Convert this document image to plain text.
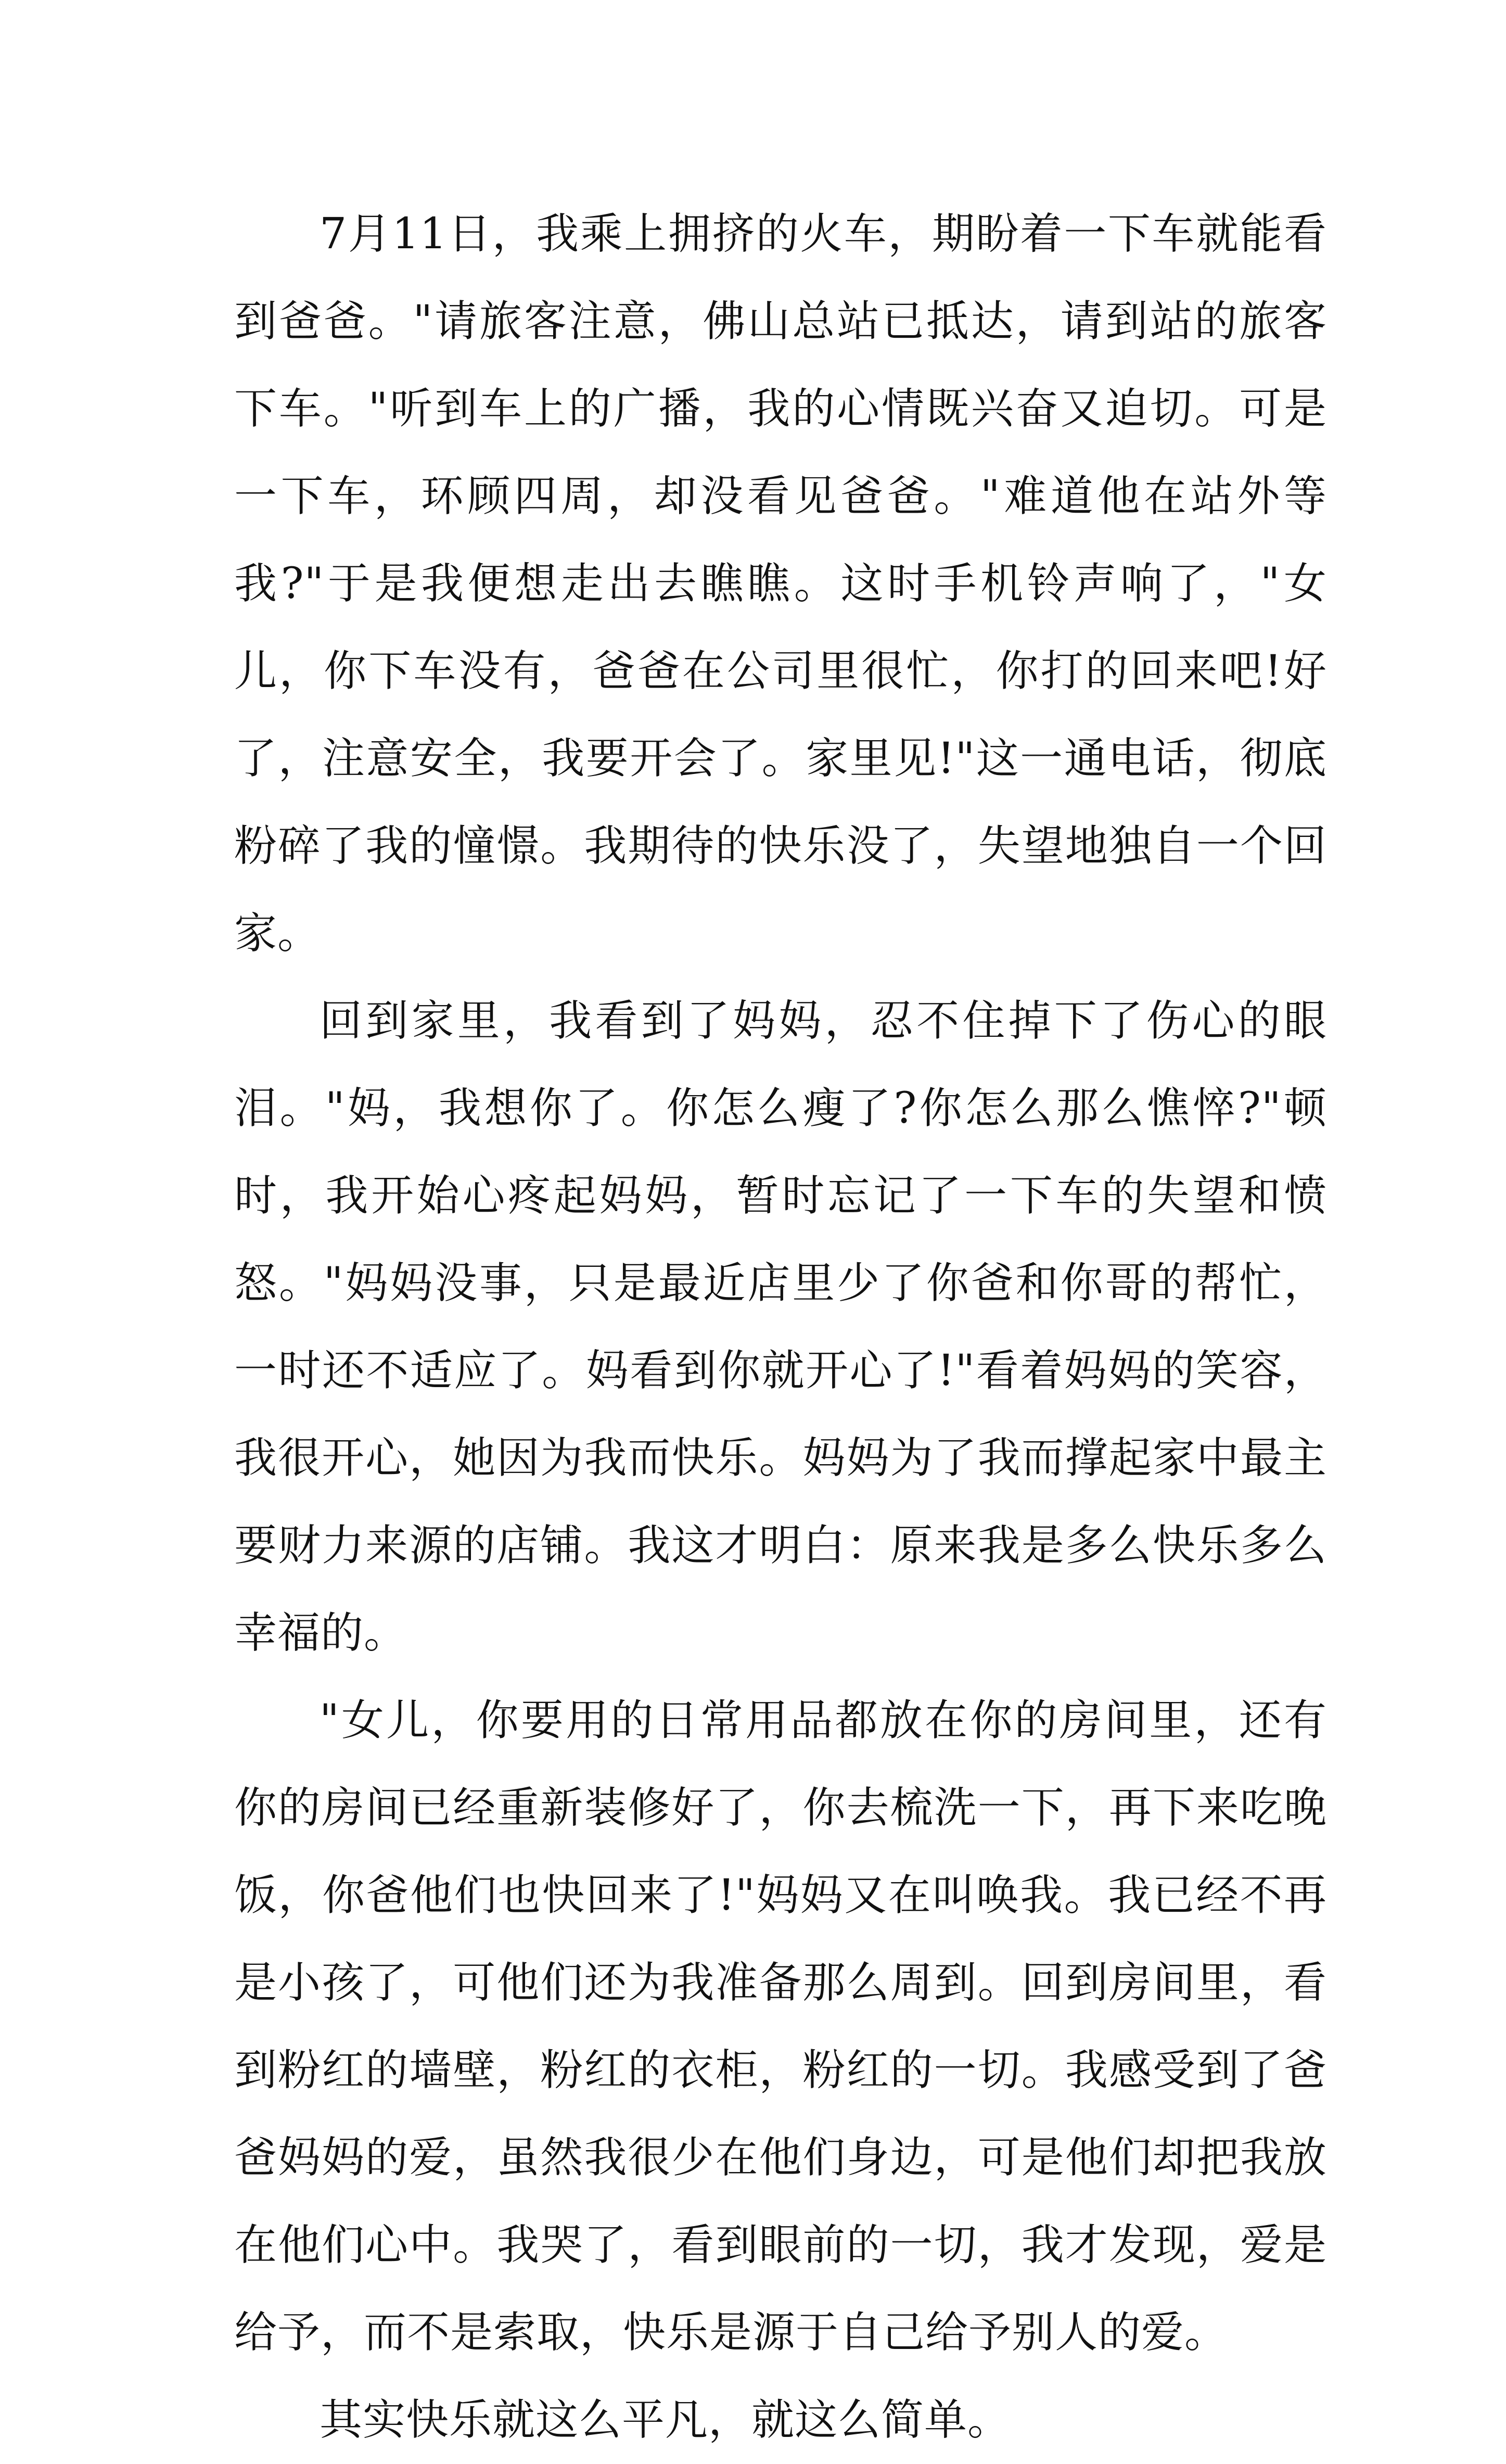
7月11日，我乘上拥挤的火车，期盼着一下车就能看到爸爸。"请旅客注意，佛山总站已抵达，请到站的旅客下车。"听到车上的广播，我的心情既兴奋又迫切。可是一下车，环顾四周，却没看见爸爸。"难道他在站外等我?"于是我便想走出去瞧瞧。这时手机铃声响了，"女儿，你下车没有，爸爸在公司里很忙，你打的回来吧!好了，注意安全，我要开会了。家里见!"这一通电话，彻底粉碎了我的憧憬。我期待的快乐没了，失望地独自一个回家。

回到家里，我看到了妈妈，忍不住掉下了伤心的眼泪。"妈，我想你了。你怎么瘦了?你怎么那么憔悴?"顿时，我开始心疼起妈妈，暂时忘记了一下车的失望和愤怒。"妈妈没事，只是最近店里少了你爸和你哥的帮忙，一时还不适应了。妈看到你就开心了!"看着妈妈的笑容，我很开心，她因为我而快乐。妈妈为了我而撑起家中最主要财力来源的店铺。我这才明白：原来我是多么快乐多么幸福的。

"女儿，你要用的日常用品都放在你的房间里，还有你的房间已经重新装修好了，你去梳洗一下，再下来吃晚饭，你爸他们也快回来了!"妈妈又在叫唤我。我已经不再是小孩了，可他们还为我准备那么周到。回到房间里，看到粉红的墙壁，粉红的衣柜，粉红的一切。我感受到了爸爸妈妈的爱，虽然我很少在他们身边，可是他们却把我放在他们心中。我哭了，看到眼前的一切，我才发现，爱是给予，而不是索取，快乐是源于自己给予别人的爱。

其实快乐就这么平凡，就这么简单。
